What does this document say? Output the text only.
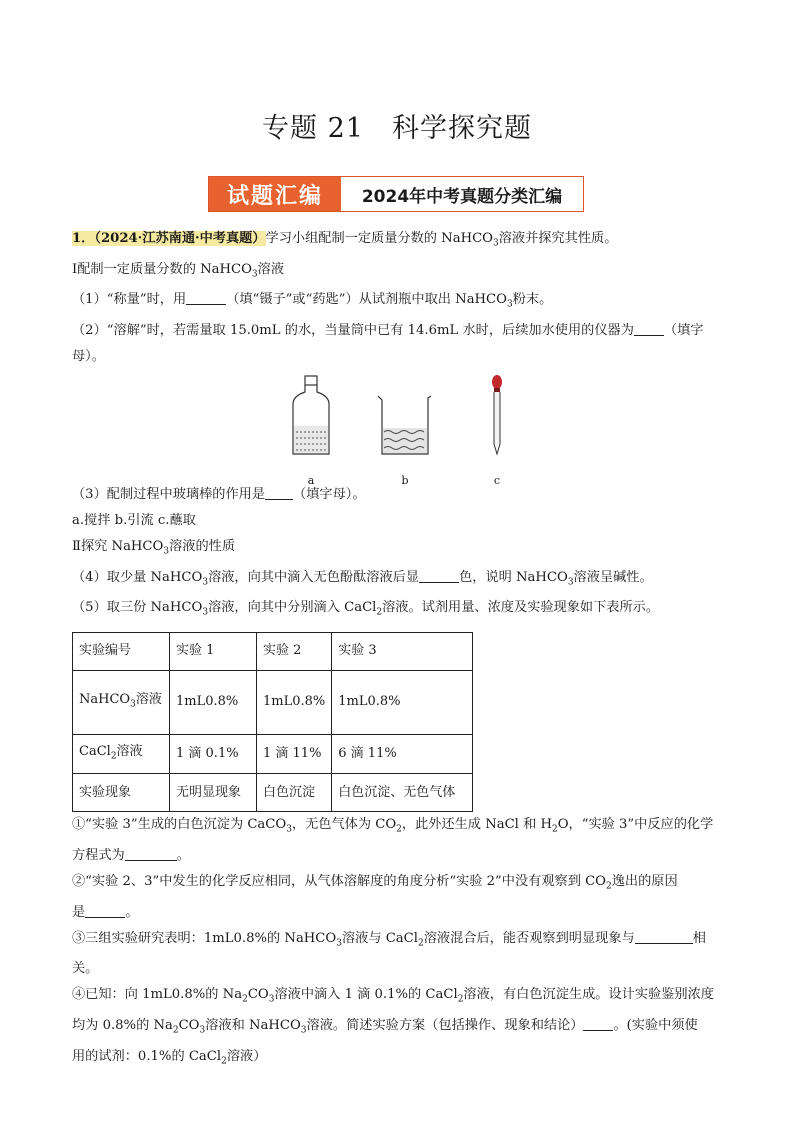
专题 21　科学探究题
试题汇编	2024年中考真题分类汇编
1．（2024·江苏南通·中考真题）学习小组配制一定质量分数的 NaHCO$_3$溶液并探究其性质。
Ⅰ配制一定质量分数的 NaHCO$_3$溶液
（1）“称量”时，用	（填“镊子”或“药匙”）从试剂瓶中取出 NaHCO$_3$粉末。
（2）“溶解”时，若需量取 15.0mL 的水，当量筒中已有 14.6mL 水时，后续加水使用的仪器为 （填字
母）。
a	b	c
（3）配制过程中玻璃棒的作用是 （填字母）。
a.搅拌 b.引流 c.蘸取
Ⅱ探究 NaHCO$_3$溶液的性质
（4）取少量 NaHCO$_3$溶液，向其中滴入无色酚酞溶液后显	色，说明 NaHCO$_3$溶液呈碱性。
（5）取三份 NaHCO$_3$溶液，向其中分别滴入 CaCl$_2$溶液。试剂用量、浓度及实验现象如下表所示。
实验编号	实验 1	实验 2	实验 3
NaHCO$_3$溶液	1mL0.8%	1mL0.8%	1mL0.8%
CaCl$_2$溶液	1 滴 0.1%	1 滴 11%	6 滴 11%
实验现象	无明显现象	白色沉淀	白色沉淀、无色气体
①“实验 3”生成的白色沉淀为 CaCO$_3$，无色气体为 $CO_2$，此外还生成 NaCl 和 $H_2O$，“实验 3”中反应的化学
方程式为	。
②“实验 2、3”中发生的化学反应相同，从气体溶解度的角度分析“实验 2”中没有观察到 $CO_2$逸出的原因
是	。
③三组实验研究表明：1mL0.8%的 NaHCO$_3$溶液与 CaCl$_2$溶液混合后，能否观察到明显现象与	相
关。
④已知：向 1mL0.8%的 $Na_2CO_3$溶液中滴入 1 滴 0.1%的 CaCl$_2$溶液，有白色沉淀生成。设计实验鉴别浓度
均为 0.8%的 $Na_2CO_3$溶液和 NaHCO$_3$溶液。简述实验方案（包括操作、现象和结论） 。(实验中须使
用的试剂：0.1%的 CaCl$_2$溶液）
